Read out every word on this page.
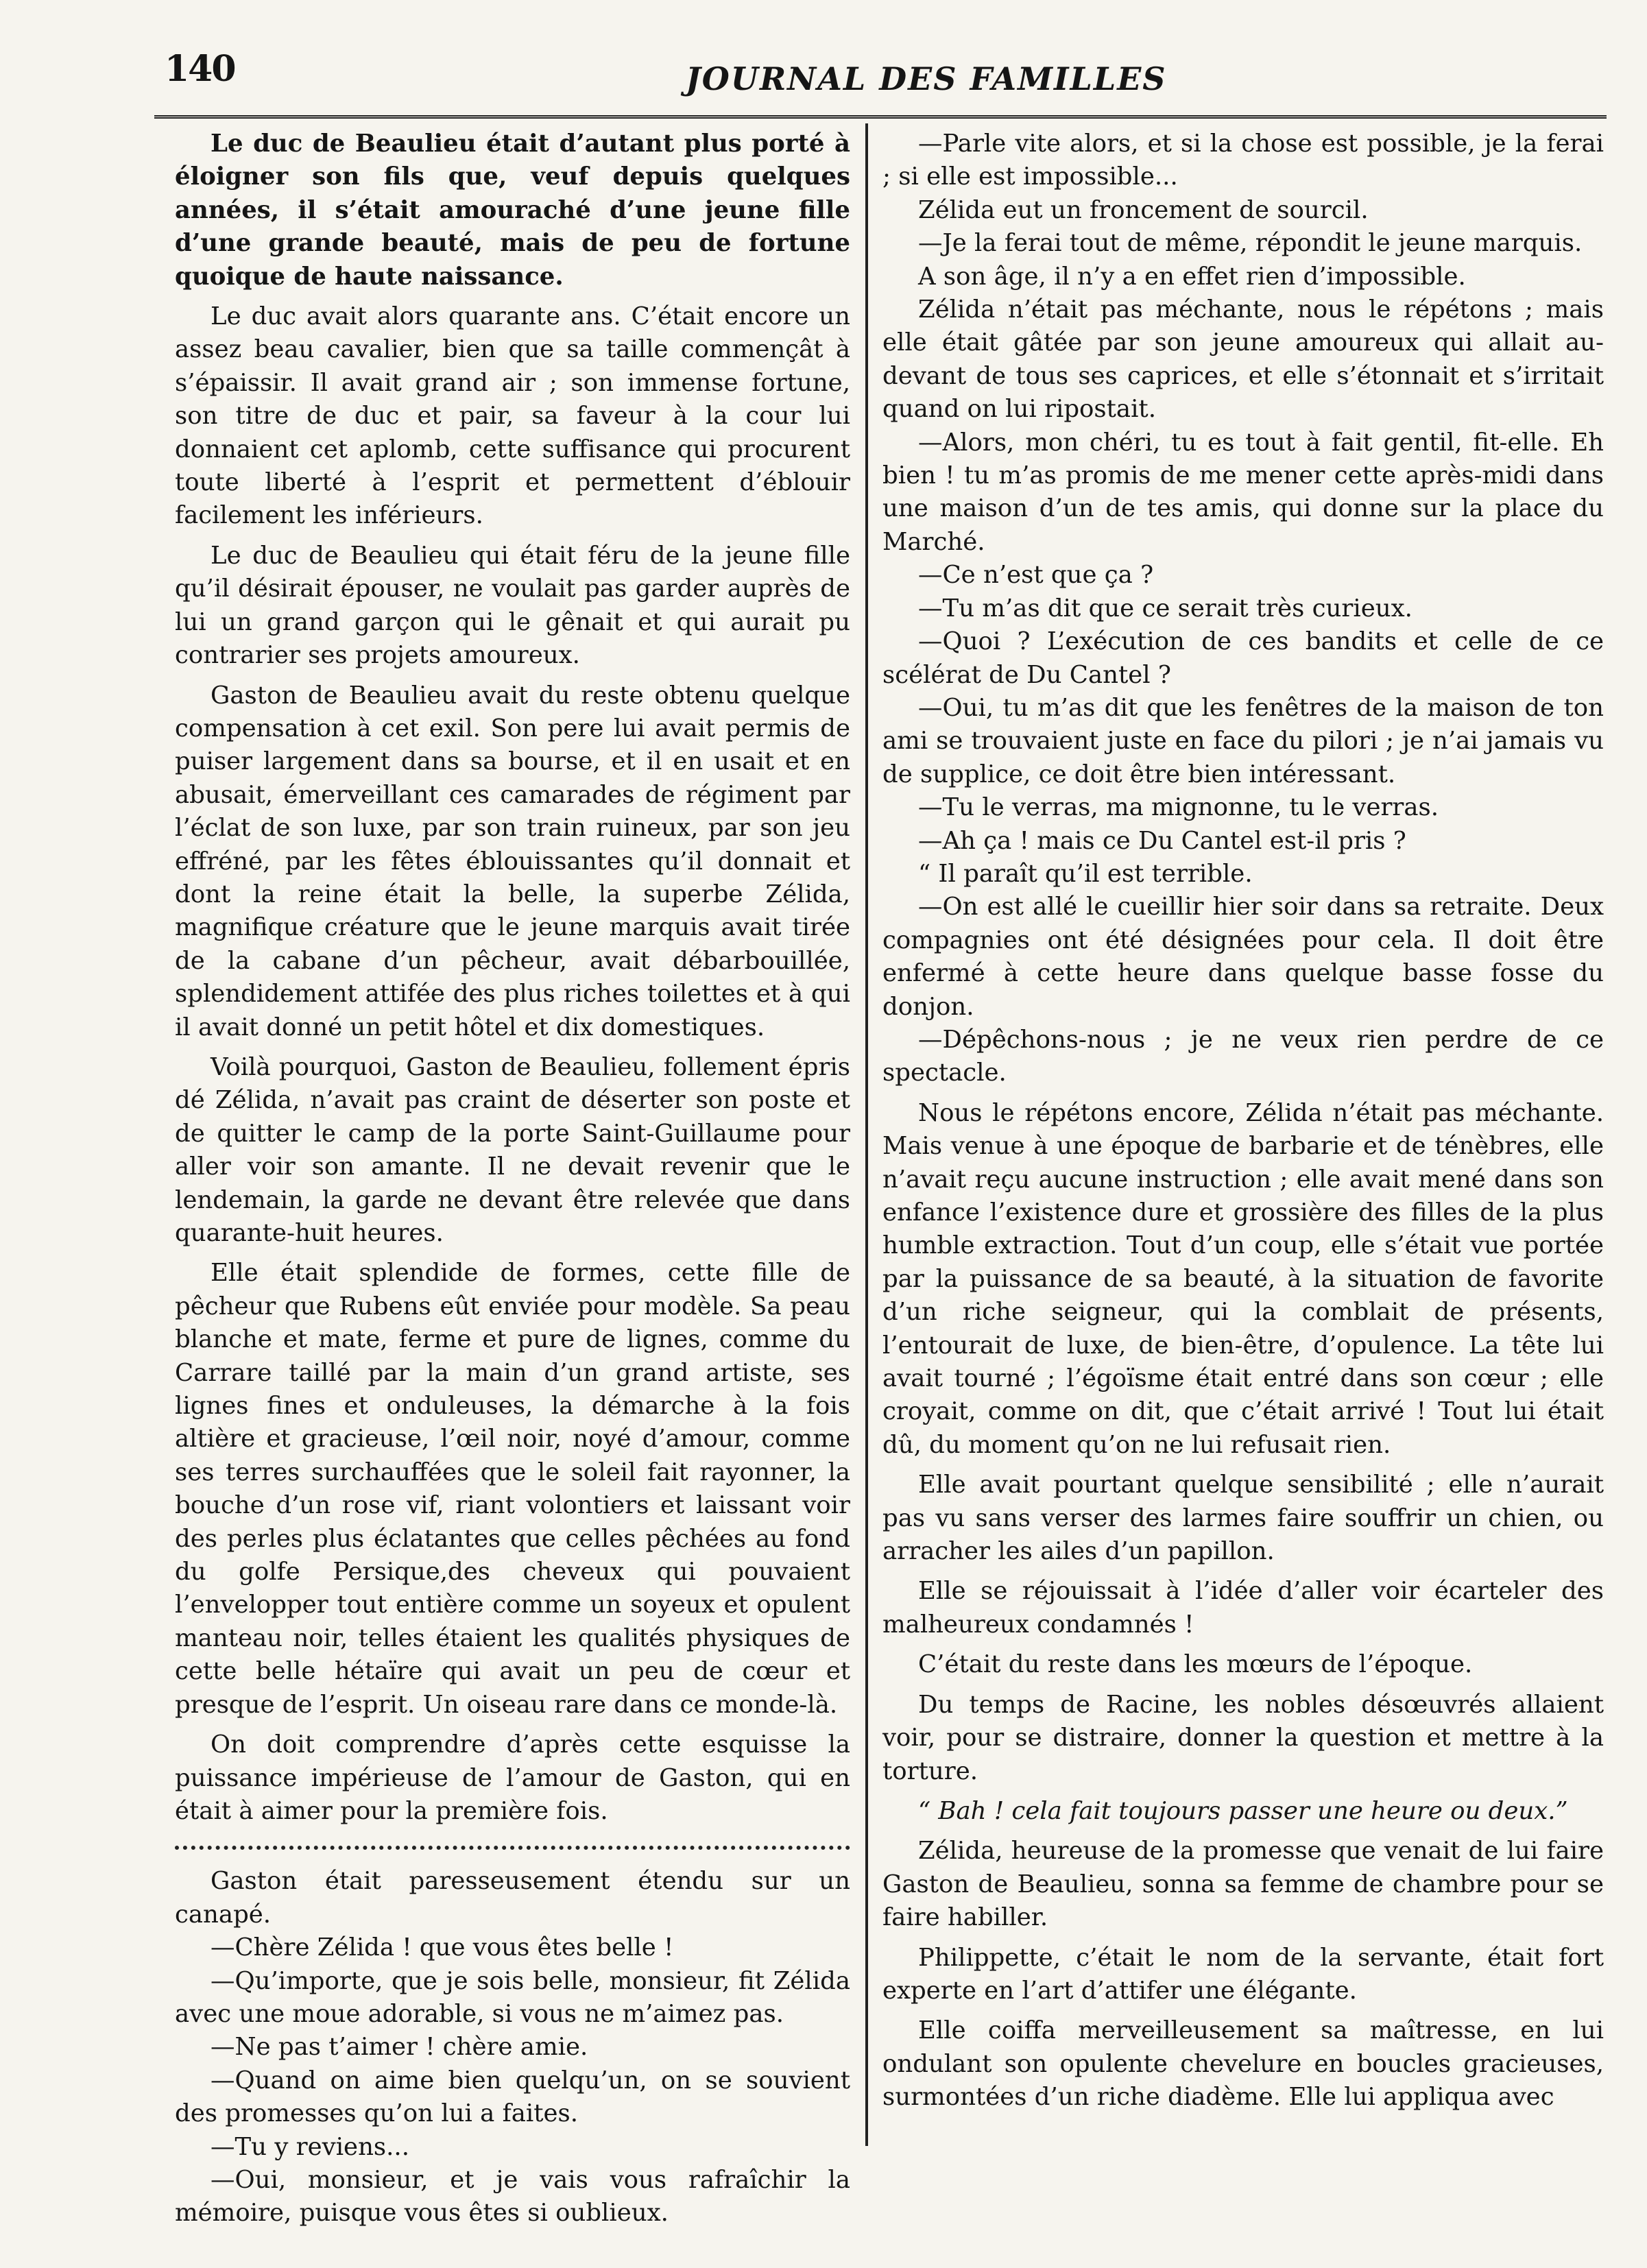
140	JOURNAL DES FAMILLES

Le duc de Beaulieu était d’autant plus porté à éloigner son fils que, veuf depuis quelques années, il s’était amouraché d’une jeune fille d’une grande beauté, mais de peu de fortune quoique de haute naissance.

Le duc avait alors quarante ans. C’était encore un assez beau cavalier, bien que sa taille commençât à s’épaissir. Il avait grand air ; son immense fortune, son titre de duc et pair, sa faveur à la cour lui donnaient cet aplomb, cette suffisance qui procurent toute liberté à l’esprit et permettent d’éblouir facilement les inférieurs.

Le duc de Beaulieu qui était féru de la jeune fille qu’il désirait épouser, ne voulait pas garder auprès de lui un grand garçon qui le gênait et qui aurait pu contrarier ses projets amoureux.

Gaston de Beaulieu avait du reste obtenu quelque compensation à cet exil. Son pere lui avait permis de puiser largement dans sa bourse, et il en usait et en abusait, émerveillant ces camarades de régiment par l’éclat de son luxe, par son train ruineux, par son jeu effréné, par les fêtes éblouissantes qu’il donnait et dont la reine était la belle, la superbe Zélida, magnifique créature que le jeune marquis avait tirée de la cabane d’un pêcheur, avait débarbouillée, splendidement attifée des plus riches toilettes et à qui il avait donné un petit hôtel et dix domestiques.

Voilà pourquoi, Gaston de Beaulieu, follement épris dé Zélida, n’avait pas craint de déserter son poste et de quitter le camp de la porte Saint-Guillaume pour aller voir son amante. Il ne devait revenir que le lendemain, la garde ne devant être relevée que dans quarante-huit heures.

Elle était splendide de formes, cette fille de pêcheur que Rubens eût enviée pour modèle. Sa peau blanche et mate, ferme et pure de lignes, comme du Carrare taillé par la main d’un grand artiste, ses lignes fines et onduleuses, la démarche à la fois altière et gracieuse, l’œil noir, noyé d’amour, comme ses terres surchauffées que le soleil fait rayonner, la bouche d’un rose vif, riant volontiers et laissant voir des perles plus éclatantes que celles pêchées au fond du golfe Persique,des cheveux qui pouvaient l’envelopper tout entière comme un soyeux et opulent manteau noir, telles étaient les qualités physiques de cette belle hétaïre qui avait un peu de cœur et presque de l’esprit. Un oiseau rare dans ce monde-là.

On doit comprendre d’après cette esquisse la puissance impérieuse de l’amour de Gaston, qui en était à aimer pour la première fois.

Gaston était paresseusement étendu sur un canapé.

—Chère Zélida ! que vous êtes belle !

—Qu’importe, que je sois belle, monsieur, fit Zélida avec une moue adorable, si vous ne m’aimez pas.

—Ne pas t’aimer ! chère amie.

—Quand on aime bien quelqu’un, on se souvient des promesses qu’on lui a faites.

—Tu y reviens...

—Oui, monsieur, et je vais vous rafraîchir la mémoire, puisque vous êtes si oublieux.

—Parle vite alors, et si la chose est possible, je la ferai ; si elle est impossible...

Zélida eut un froncement de sourcil.

—Je la ferai tout de même, répondit le jeune marquis.

A son âge, il n’y a en effet rien d’impossible.

Zélida n’était pas méchante, nous le répétons ; mais elle était gâtée par son jeune amoureux qui allait au-devant de tous ses caprices, et elle s’étonnait et s’irritait quand on lui ripostait.

—Alors, mon chéri, tu es tout à fait gentil, fit-elle. Eh bien ! tu m’as promis de me mener cette après-midi dans une maison d’un de tes amis, qui donne sur la place du Marché.

—Ce n’est que ça ?

—Tu m’as dit que ce serait très curieux.

—Quoi ? L’exécution de ces bandits et celle de ce scélérat de Du Cantel ?

—Oui, tu m’as dit que les fenêtres de la maison de ton ami se trouvaient juste en face du pilori ; je n’ai jamais vu de supplice, ce doit être bien intéressant.

—Tu le verras, ma mignonne, tu le verras.

—Ah ça ! mais ce Du Cantel est-il pris ?

“ Il paraît qu’il est terrible.

—On est allé le cueillir hier soir dans sa retraite. Deux compagnies ont été désignées pour cela. Il doit être enfermé à cette heure dans quelque basse fosse du donjon.

—Dépêchons-nous ; je ne veux rien perdre de ce spectacle.

Nous le répétons encore, Zélida n’était pas méchante. Mais venue à une époque de barbarie et de ténèbres, elle n’avait reçu aucune instruction ; elle avait mené dans son enfance l’existence dure et grossière des filles de la plus humble extraction. Tout d’un coup, elle s’était vue portée par la puissance de sa beauté, à la situation de favorite d’un riche seigneur, qui la comblait de présents, l’entourait de luxe, de bien-être, d’opulence. La tête lui avait tourné ; l’égoïsme était entré dans son cœur ; elle croyait, comme on dit, que c’était arrivé ! Tout lui était dû, du moment qu’on ne lui refusait rien.

Elle avait pourtant quelque sensibilité ; elle n’aurait pas vu sans verser des larmes faire souffrir un chien, ou arracher les ailes d’un papillon.

Elle se réjouissait à l’idée d’aller voir écarteler des malheureux condamnés !

C’était du reste dans les mœurs de l’époque.

Du temps de Racine, les nobles désœuvrés allaient voir, pour se distraire, donner la question et mettre à la torture.

“ Bah ! cela fait toujours passer une heure ou deux.”

Zélida, heureuse de la promesse que venait de lui faire Gaston de Beaulieu, sonna sa femme de chambre pour se faire habiller.

Philippette, c’était le nom de la servante, était fort experte en l’art d’attifer une élégante.

Elle coiffa merveilleusement sa maîtresse, en lui ondulant son opulente chevelure en boucles gracieuses, surmontées d’un riche diadème. Elle lui appliqua avec
